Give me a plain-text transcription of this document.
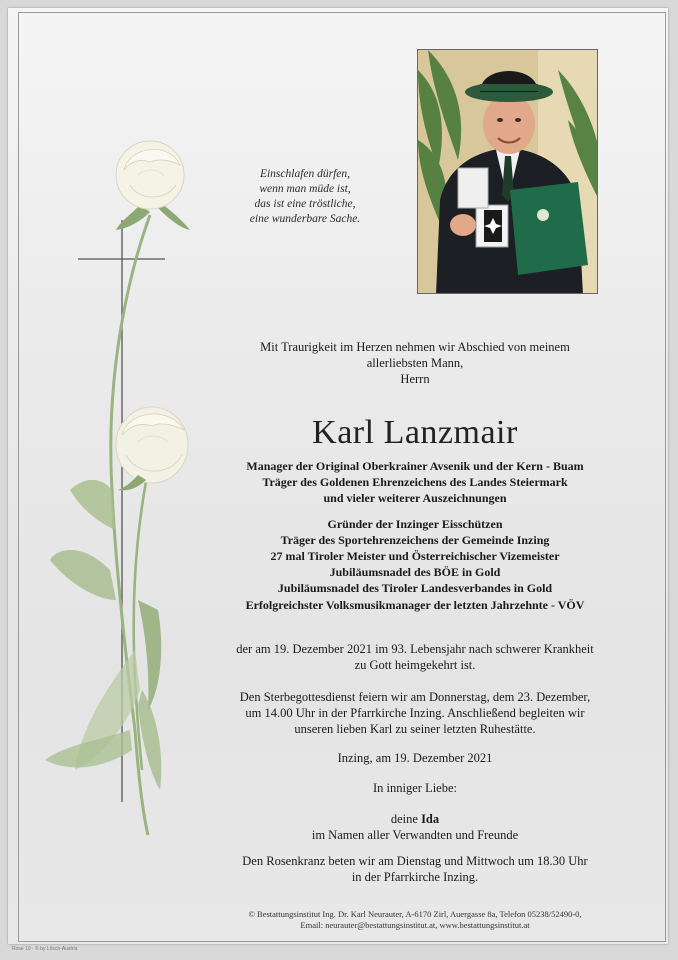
Einschlafen dürfen,
wenn man müde ist,
das ist eine tröstliche,
eine wunderbare Sache.
Mit Traurigkeit im Herzen nehmen wir Abschied von meinem
allerliebsten Mann,
Herrn
Karl Lanzmair
Manager der Original Oberkrainer Avsenik und der Kern - Buam
Träger des Goldenen Ehrenzeichens des Landes Steiermark
und vieler weiterer Auszeichnungen
Gründer der Inzinger Eisschützen
Träger des Sportehrenzeichens der Gemeinde Inzing
27 mal Tiroler Meister und Österreichischer Vizemeister
Jubiläumsnadel des BÖE in Gold
Jubiläumsnadel des Tiroler Landesverbandes in Gold
Erfolgreichster Volksmusikmanager der letzten Jahrzehnte - VÖV
der am 19. Dezember 2021 im 93. Lebensjahr nach schwerer Krankheit
zu Gott heimgekehrt ist.
Den Sterbegottesdienst feiern wir am Donnerstag, dem 23. Dezember,
um 14.00 Uhr in der Pfarrkirche Inzing. Anschließend begleiten wir
unseren lieben Karl zu seiner letzten Ruhestätte.
Inzing, am 19. Dezember 2021
In inniger Liebe:
deine Ida
im Namen aller Verwandten und Freunde
Den Rosenkranz beten wir am Dienstag und Mittwoch um 18.30 Uhr
in der Pfarrkirche Inzing.
© Bestattungsinstitut Ing. Dr. Karl Neurauter, A-6170 Zirl, Auergasse 8a, Telefon 05238/52490-0,
Email: neurauter@bestattungsinstitut.at, www.bestattungsinstitut.at
Rose 10 · © by Lösch-Austria
